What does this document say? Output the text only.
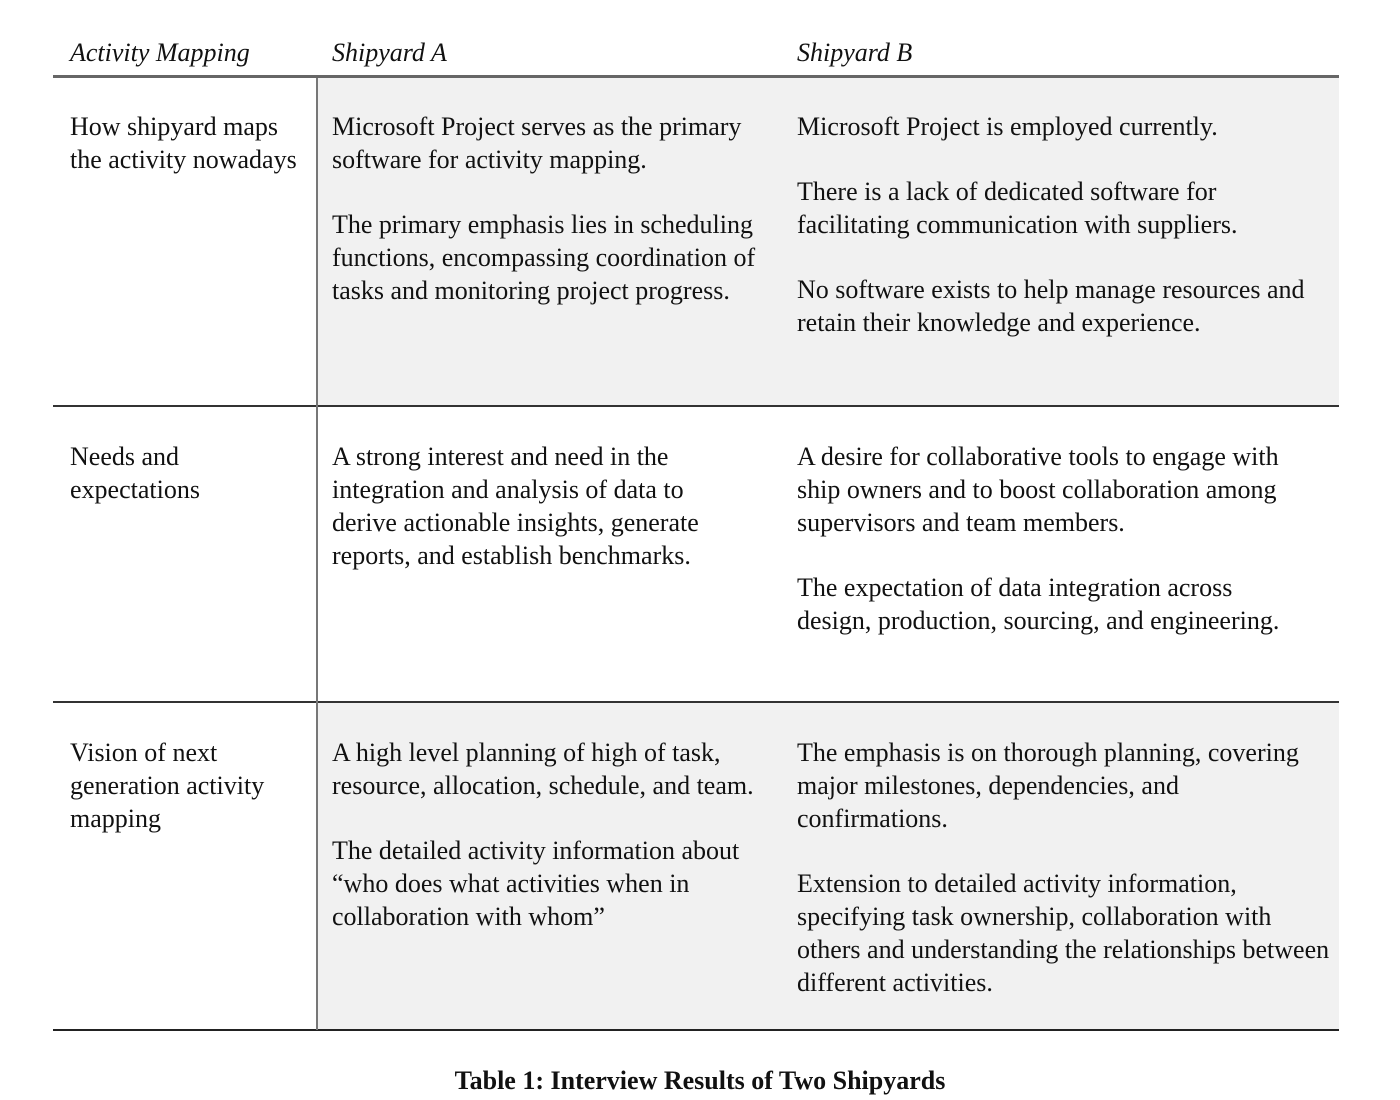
Activity Mapping	Shipyard A	Shipyard B
How shipyard maps the activity nowadays

Microsoft Project serves as the primary software for activity mapping.

The primary emphasis lies in scheduling functions, encompassing coordination of tasks and monitoring project progress.

Microsoft Project is employed currently.

There is a lack of dedicated software for facilitating communication with suppliers.

No software exists to help manage resources and retain their knowledge and experience.

Needs and expectations

A strong interest and need in the integration and analysis of data to derive actionable insights, generate reports, and establish benchmarks.

A desire for collaborative tools to engage with ship owners and to boost collaboration among supervisors and team members.

The expectation of data integration across design, production, sourcing, and engineering.

Vision of next generation activity mapping

A high level planning of high of task, resource, allocation, schedule, and team.

The detailed activity information about “who does what activities when in collaboration with whom”

The emphasis is on thorough planning, covering major milestones, dependencies, and confirmations.

Extension to detailed activity information, specifying task ownership, collaboration with others and understanding the relationships between different activities.

Table 1: Interview Results of Two Shipyards
